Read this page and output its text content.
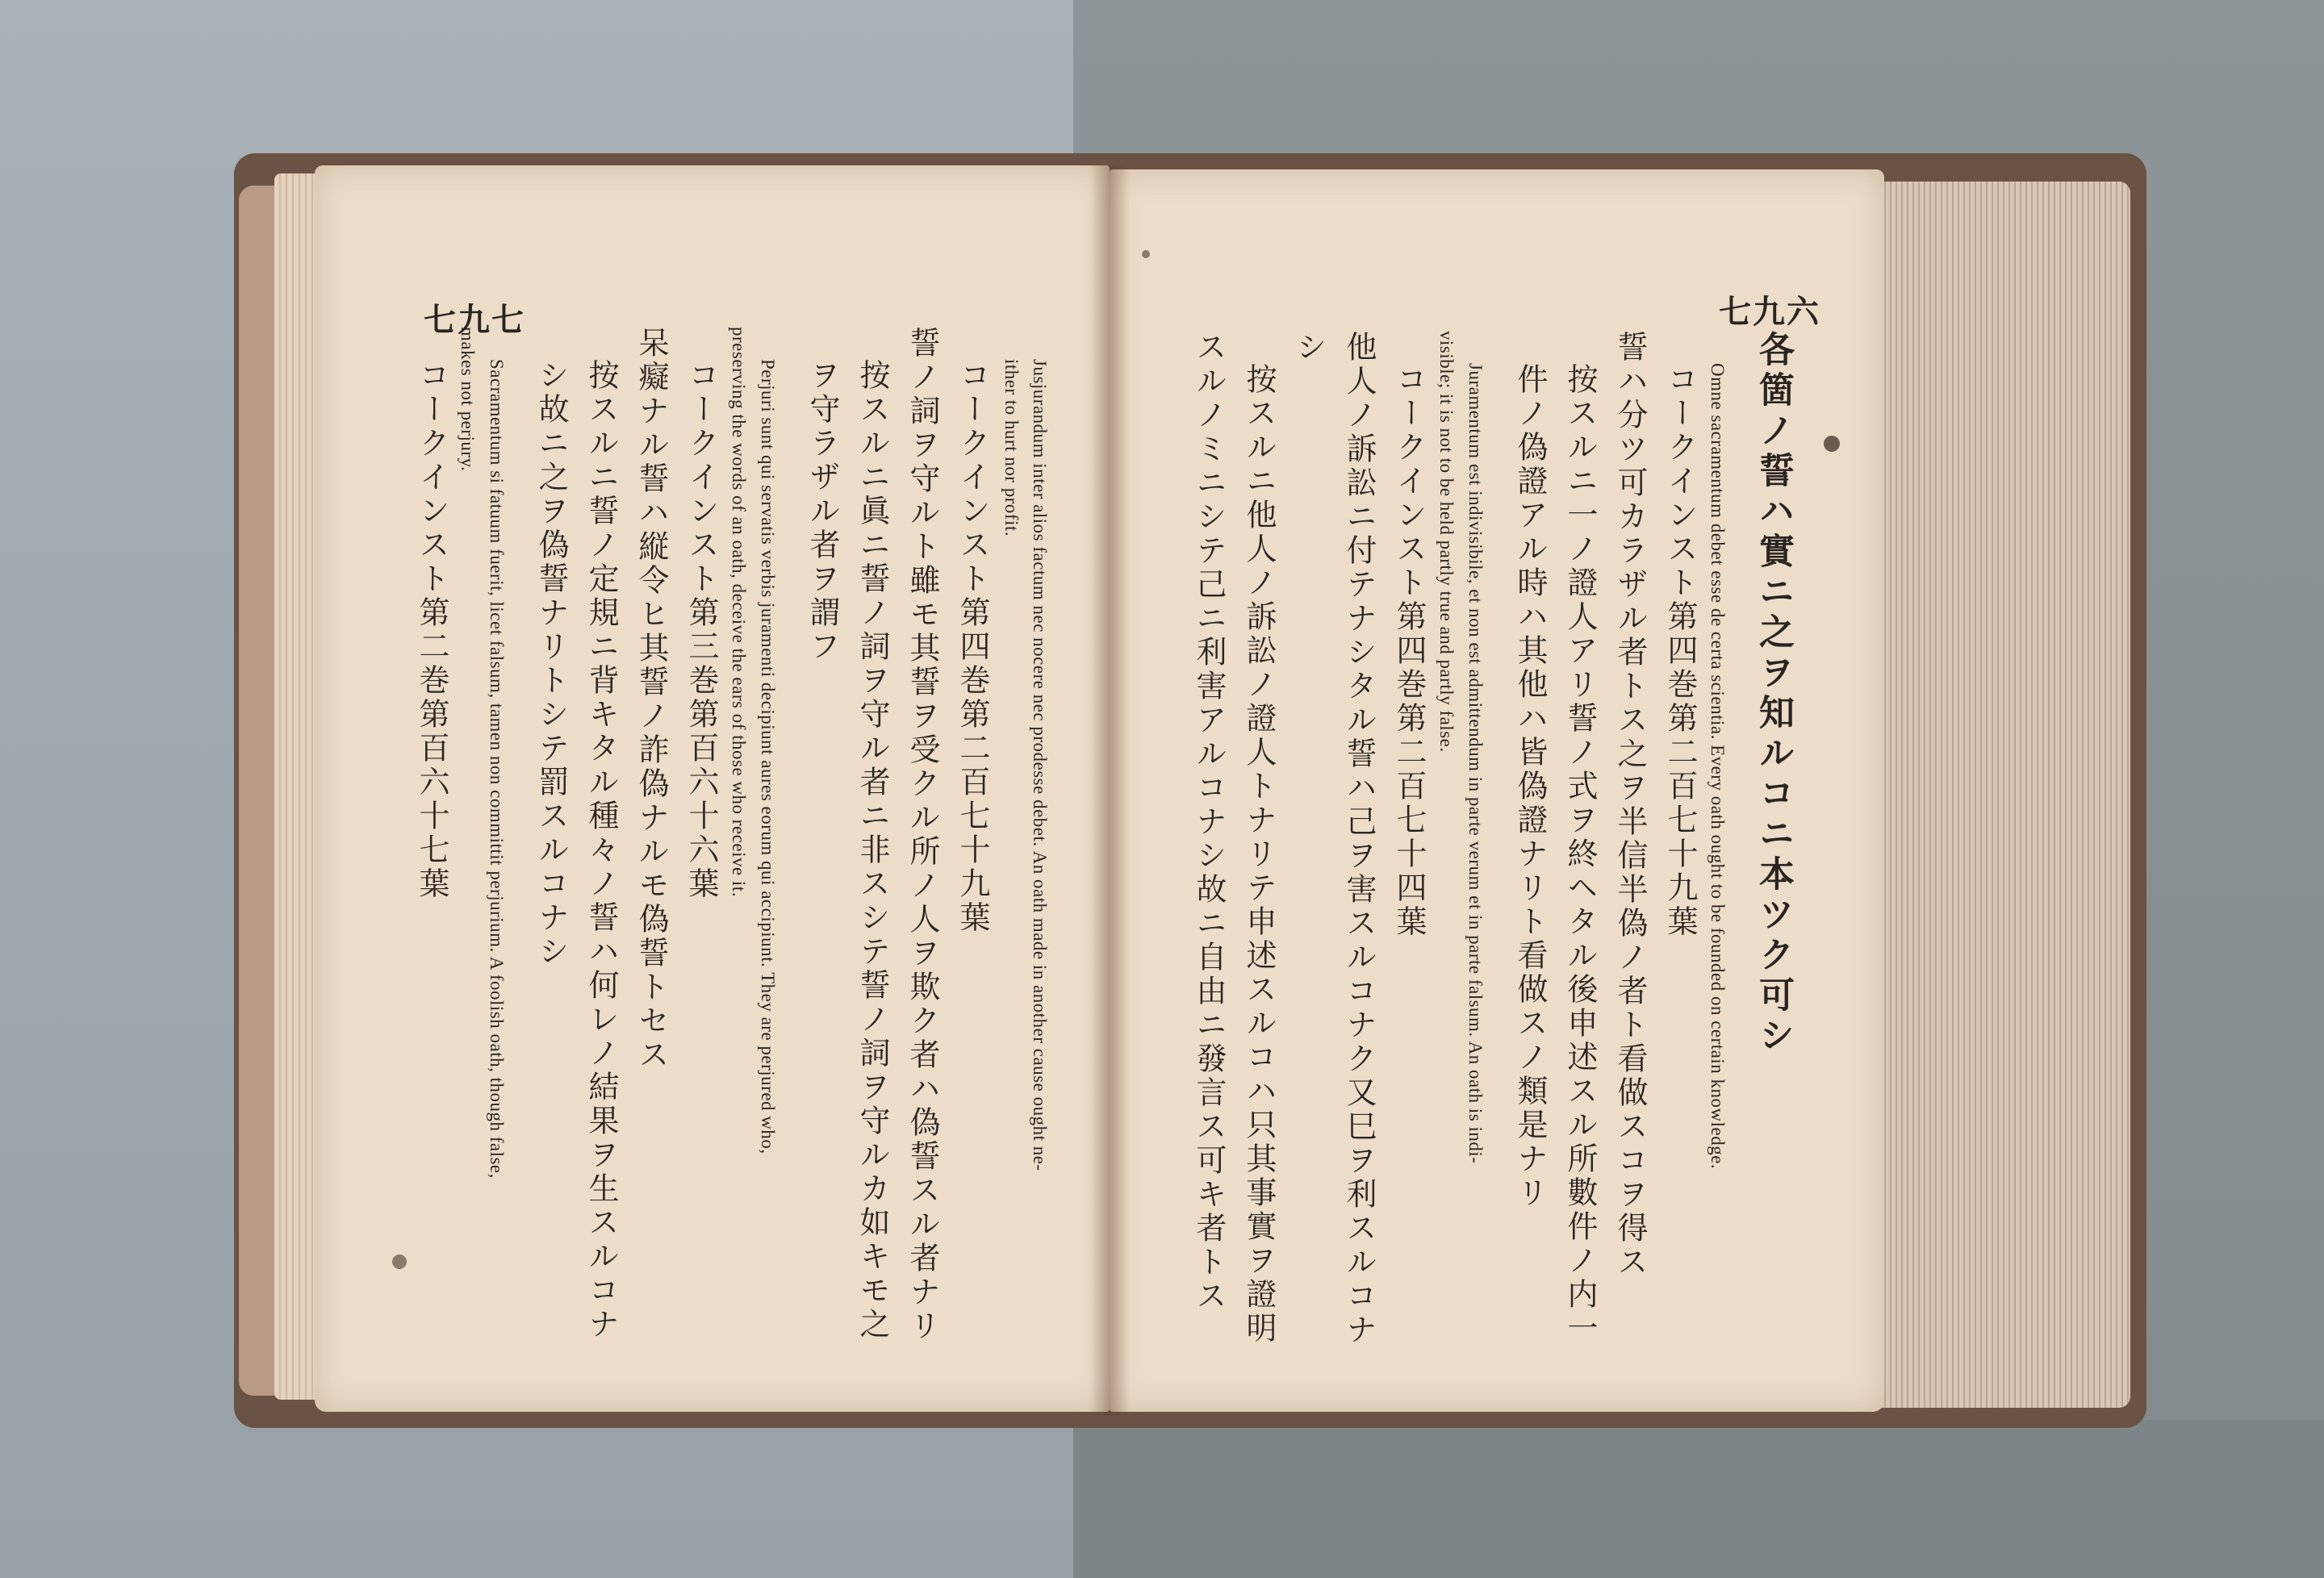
七九七
Jusjurandum inter alios factum nec nocere nec prodesse debet. An oath made in another cause ought ne-
ither to hurt nor profit.
コークインスト第四巻第二百七十九葉
誓ノ詞ヲ守ルト雖モ其誓ヲ受クル所ノ人ヲ欺ク者ハ偽誓スル者ナリ
按スルニ眞ニ誓ノ詞ヲ守ル者ニ非スシテ誓ノ詞ヲ守ルカ如キモ之
ヲ守ラザル者ヲ謂フ
Perjuri sunt qui servatis verbis juramenti decipiunt aures eorum qui accipiunt. They are perjured who,
preserving the words of an oath, deceive the ears of those who receive it.
コークインスト第三巻第百六十六葉
呆癡ナル誓ハ縦令ヒ其誓ノ詐偽ナルモ偽誓トセス
按スルニ誓ノ定規ニ背キタル種々ノ誓ハ何レノ結果ヲ生スルコナ
シ故ニ之ヲ偽誓ナリトシテ罰スルコナシ
Sacramentum si fatuum fuerit, licet falsum, tamen non committit perjurium. A foolish oath, though false,
makes not perjury.
コークインスト第二巻第百六十七葉
七九六
各箇ノ誓ハ實ニ之ヲ知ルコニ本ツク可シ
Omne sacramentum debet esse de certa scientia. Every oath ought to be founded on certain knowledge.
コークインスト第四巻第二百七十九葉
誓ハ分ツ可カラザル者トス之ヲ半信半偽ノ者ト看做スコヲ得ス
按スルニ一ノ證人アリ誓ノ式ヲ終ヘタル後申述スル所數件ノ内一
件ノ偽證アル時ハ其他ハ皆偽證ナリト看做スノ類是ナリ
Juramentum est indivisibile, et non est admittendum in parte verum et in parte falsum. An oath is indi-
visible; it is not to be held partly true and partly false.
コークインスト第四巻第二百七十四葉
他人ノ訴訟ニ付テナシタル誓ハ己ヲ害スルコナク又巳ヲ利スルコナ
シ
按スルニ他人ノ訴訟ノ證人トナリテ申述スルコハ只其事實ヲ證明
スルノミニシテ己ニ利害アルコナシ故ニ自由ニ發言ス可キ者トス
